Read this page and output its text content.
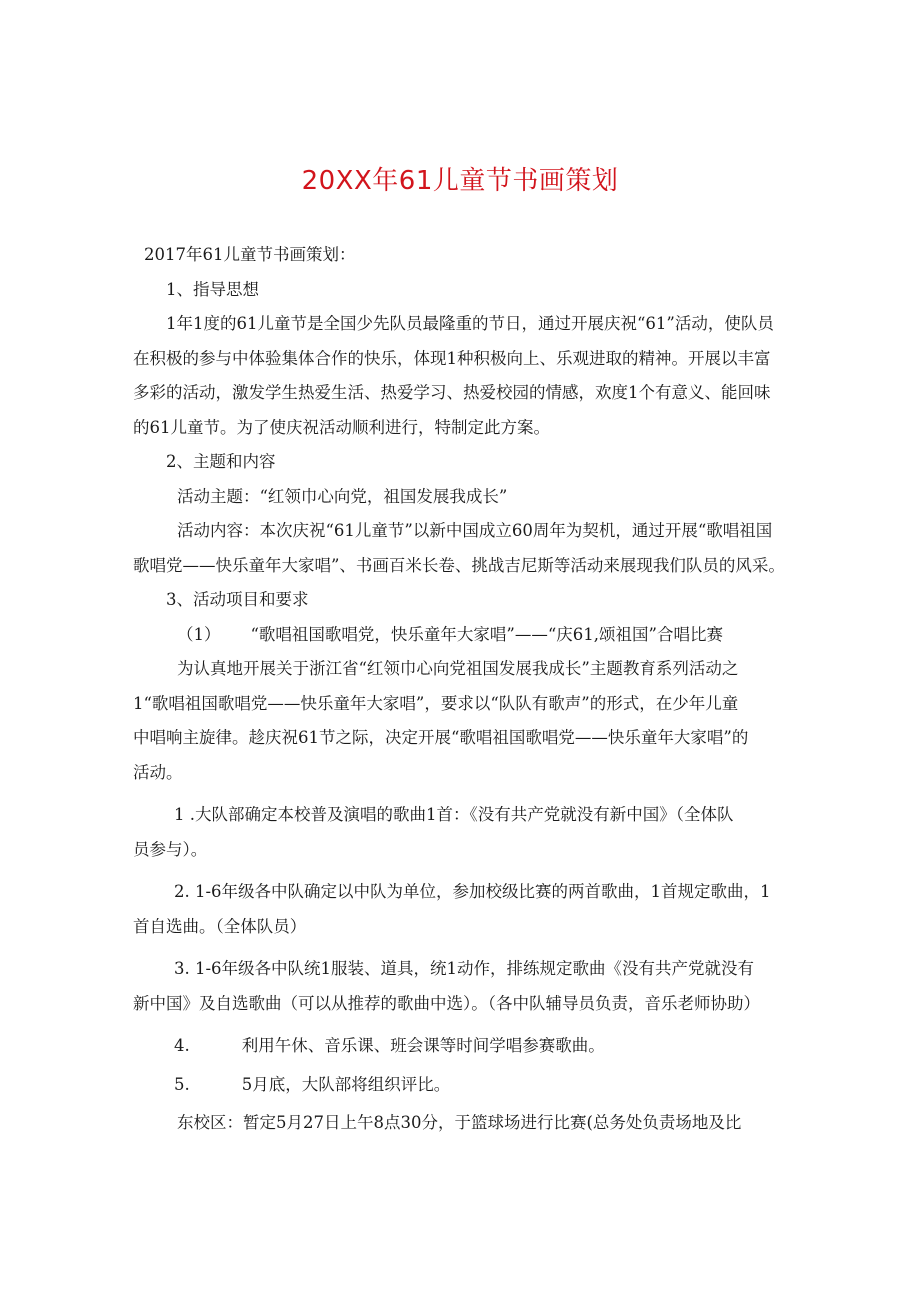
20XX年61儿童节书画策划

2017年61儿童节书画策划：

1、指导思想

1年1度的61儿童节是全国少先队员最隆重的节日，通过开展庆祝“61”活动，使队员

在积极的参与中体验集体合作的快乐，体现1种积极向上、乐观进取的精神。开展以丰富

多彩的活动，激发学生热爱生活、热爱学习、热爱校园的情感，欢度1个有意义、能回味

的61儿童节。为了使庆祝活动顺利进行，特制定此方案。

2、主题和内容

活动主题：“红领巾心向党，祖国发展我成长”

活动内容：本次庆祝“61儿童节”以新中国成立60周年为契机，通过开展“歌唱祖国

歌唱党——快乐童年大家唱”、书画百米长卷、挑战吉尼斯等活动来展现我们队员的风采。

3、活动项目和要求

（1） “歌唱祖国歌唱党，快乐童年大家唱”——“庆61,颂祖国”合唱比赛

为认真地开展关于浙江省“红领巾心向党祖国发展我成长”主题教育系列活动之

1“歌唱祖国歌唱党——快乐童年大家唱”，要求以“队队有歌声”的形式，在少年儿童

中唱响主旋律。趁庆祝61节之际，决定开展“歌唱祖国歌唱党——快乐童年大家唱”的

活动。

1 .大队部确定本校普及演唱的歌曲1首：《没有共产党就没有新中国》（全体队

员参与）。

2. 1-6年级各中队确定以中队为单位，参加校级比赛的两首歌曲，1首规定歌曲，1

首自选曲。（全体队员）

3. 1-6年级各中队统1服装、道具，统1动作，排练规定歌曲《没有共产党就没有

新中国》及自选歌曲（可以从推荐的歌曲中选）。（各中队辅导员负责，音乐老师协助）

4.	利用午休、音乐课、班会课等时间学唱参赛歌曲。

5.	5月底，大队部将组织评比。

东校区：暂定5月27日上午8点30分，于篮球场进行比赛(总务处负责场地及比
